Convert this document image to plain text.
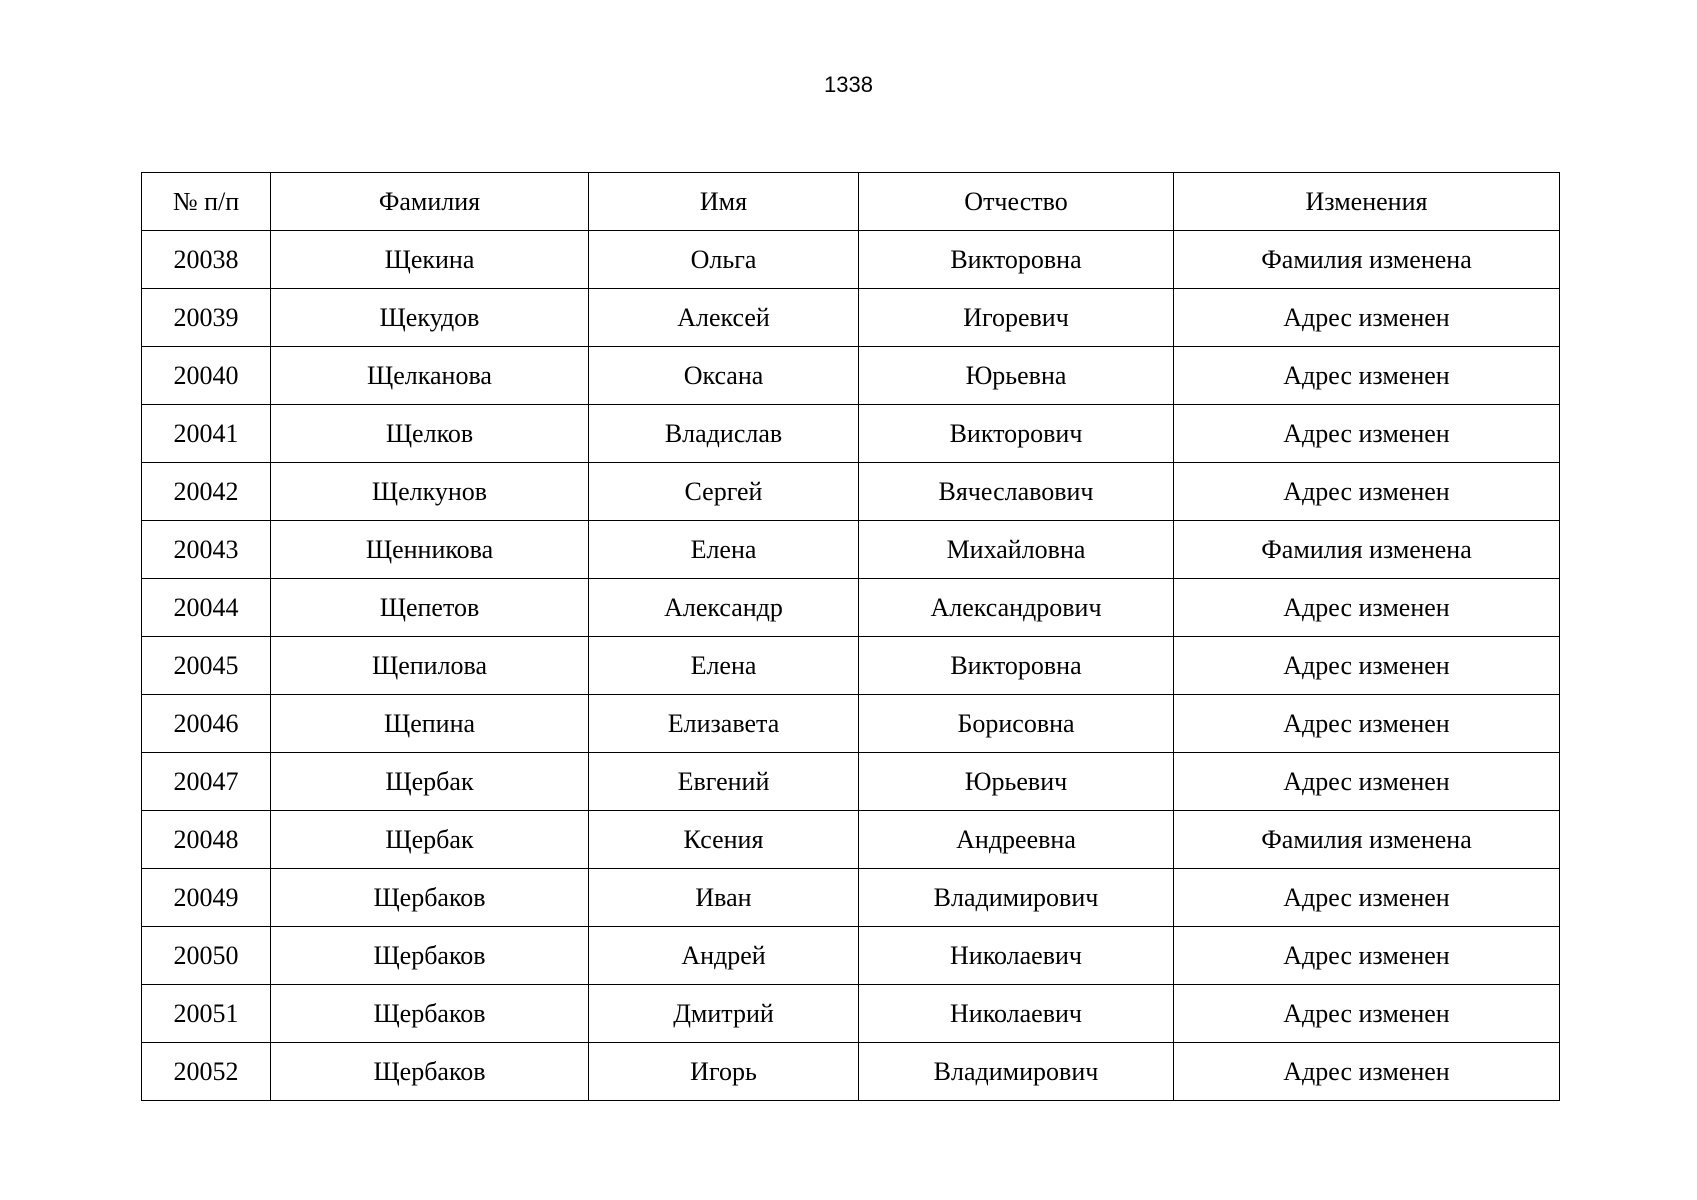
1338
№ п/п	Фамилия	Имя	Отчество	Изменения
20038	Щекина	Ольга	Викторовна	Фамилия изменена
20039	Щекудов	Алексей	Игоревич	Адрес изменен
20040	Щелканова	Оксана	Юрьевна	Адрес изменен
20041	Щелков	Владислав	Викторович	Адрес изменен
20042	Щелкунов	Сергей	Вячеславович	Адрес изменен
20043	Щенникова	Елена	Михайловна	Фамилия изменена
20044	Щепетов	Александр	Александрович	Адрес изменен
20045	Щепилова	Елена	Викторовна	Адрес изменен
20046	Щепина	Елизавета	Борисовна	Адрес изменен
20047	Щербак	Евгений	Юрьевич	Адрес изменен
20048	Щербак	Ксения	Андреевна	Фамилия изменена
20049	Щербаков	Иван	Владимирович	Адрес изменен
20050	Щербаков	Андрей	Николаевич	Адрес изменен
20051	Щербаков	Дмитрий	Николаевич	Адрес изменен
20052	Щербаков	Игорь	Владимирович	Адрес изменен
